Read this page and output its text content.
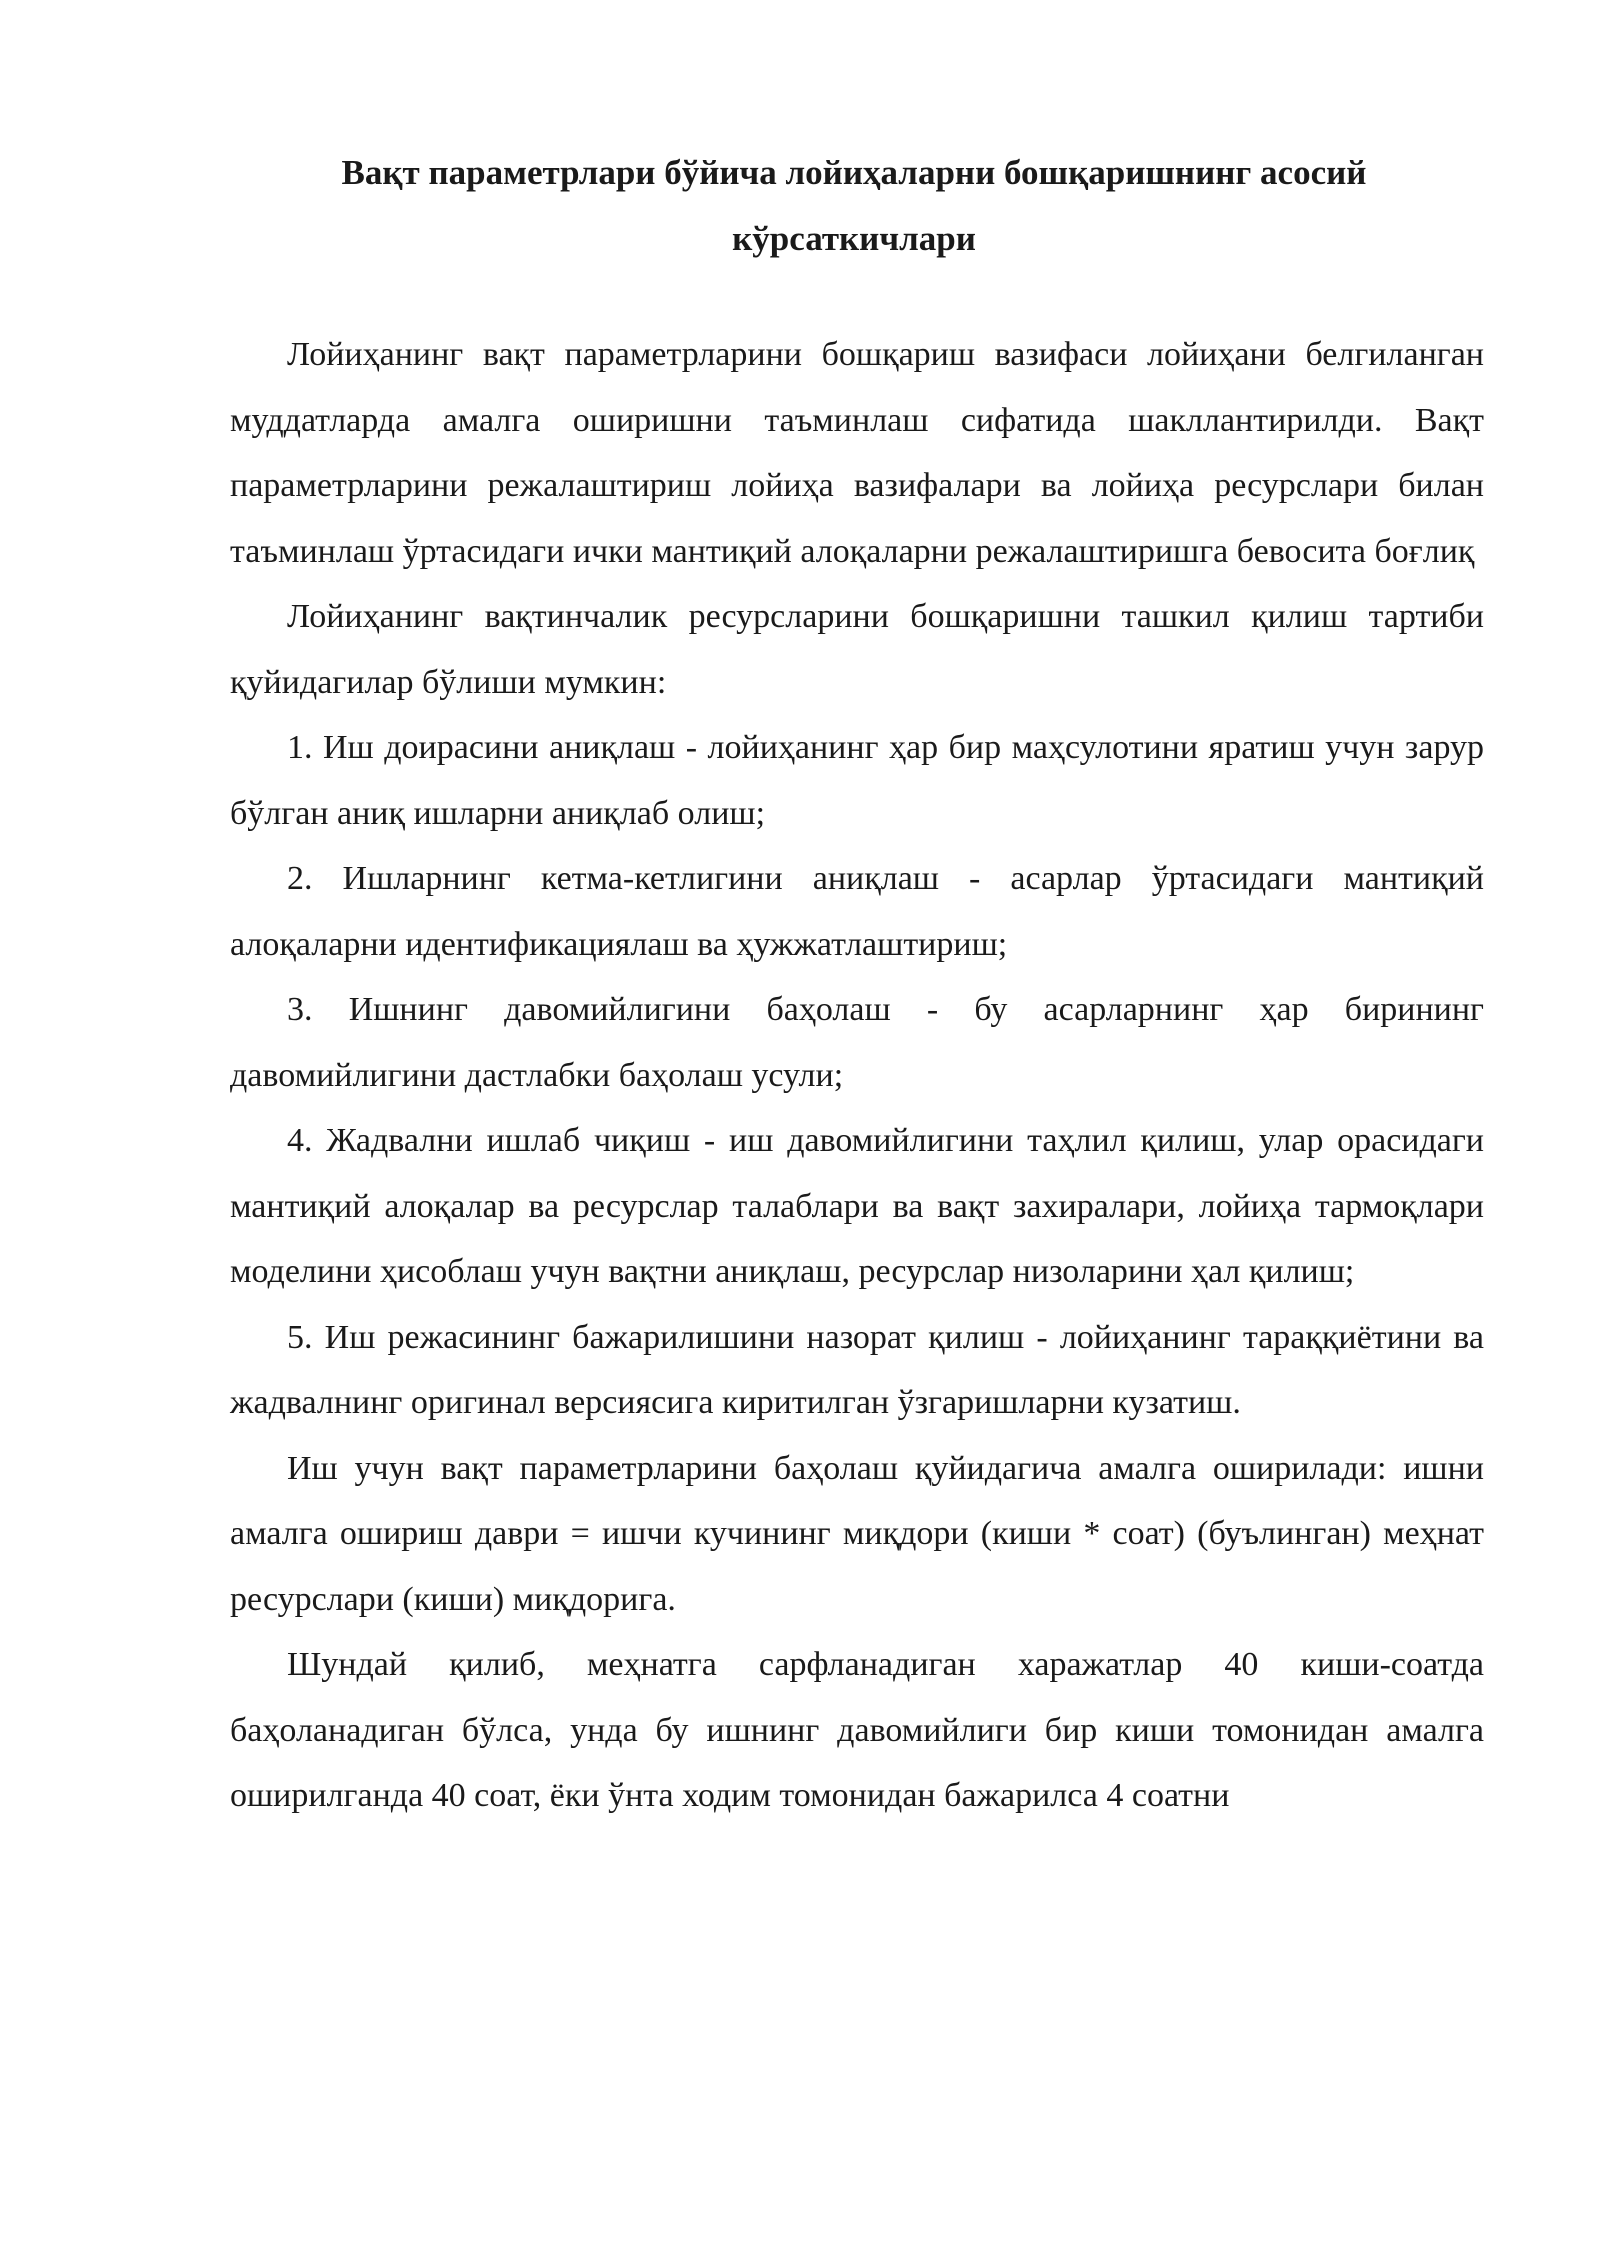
Вақт параметрлари бўйича лойиҳаларни бошқаришнинг асосий
кўрсаткичлари

Лойиҳанинг вақт параметрларини бошқариш вазифаси лойиҳани белгиланган муддатларда амалга оширишни таъминлаш сифатида шакллантирилди. Вақт параметрларини режалаштириш лойиҳа вазифалари ва лойиҳа ресурслари билан таъминлаш ўртасидаги ички мантиқий алоқаларни режалаштиришга бевосита боғлиқ

Лойиҳанинг вақтинчалик ресурсларини бошқаришни ташкил қилиш тартиби қуйидагилар бўлиши мумкин:

1. Иш доирасини аниқлаш - лойиҳанинг ҳар бир маҳсулотини яратиш учун зарур бўлган аниқ ишларни аниқлаб олиш;

2. Ишларнинг кетма-кетлигини аниқлаш - асарлар ўртасидаги мантиқий алоқаларни идентификациялаш ва ҳужжатлаштириш;

3. Ишнинг давомийлигини баҳолаш - бу асарларнинг ҳар бирининг давомийлигини дастлабки баҳолаш усули;

4. Жадвални ишлаб чиқиш - иш давомийлигини таҳлил қилиш, улар орасидаги мантиқий алоқалар ва ресурслар талаблари ва вақт захиралари, лойиҳа тармоқлари моделини ҳисоблаш учун вақтни аниқлаш, ресурслар низоларини ҳал қилиш;

5. Иш режасининг бажарилишини назорат қилиш - лойиҳанинг тараққиётини ва жадвалнинг оригинал версиясига киритилган ўзгаришларни кузатиш.

Иш учун вақт параметрларини баҳолаш қуйидагича амалга оширилади: ишни амалга ошириш даври = ишчи кучининг миқдори (киши * соат) (буълинган) меҳнат ресурслари (киши) миқдорига.

Шундай қилиб, меҳнатга сарфланадиган харажатлар 40 киши-соатда баҳоланадиган бўлса, унда бу ишнинг давомийлиги бир киши томонидан амалга оширилганда 40 соат, ёки ўнта ходим томонидан бажарилса 4 соатни
